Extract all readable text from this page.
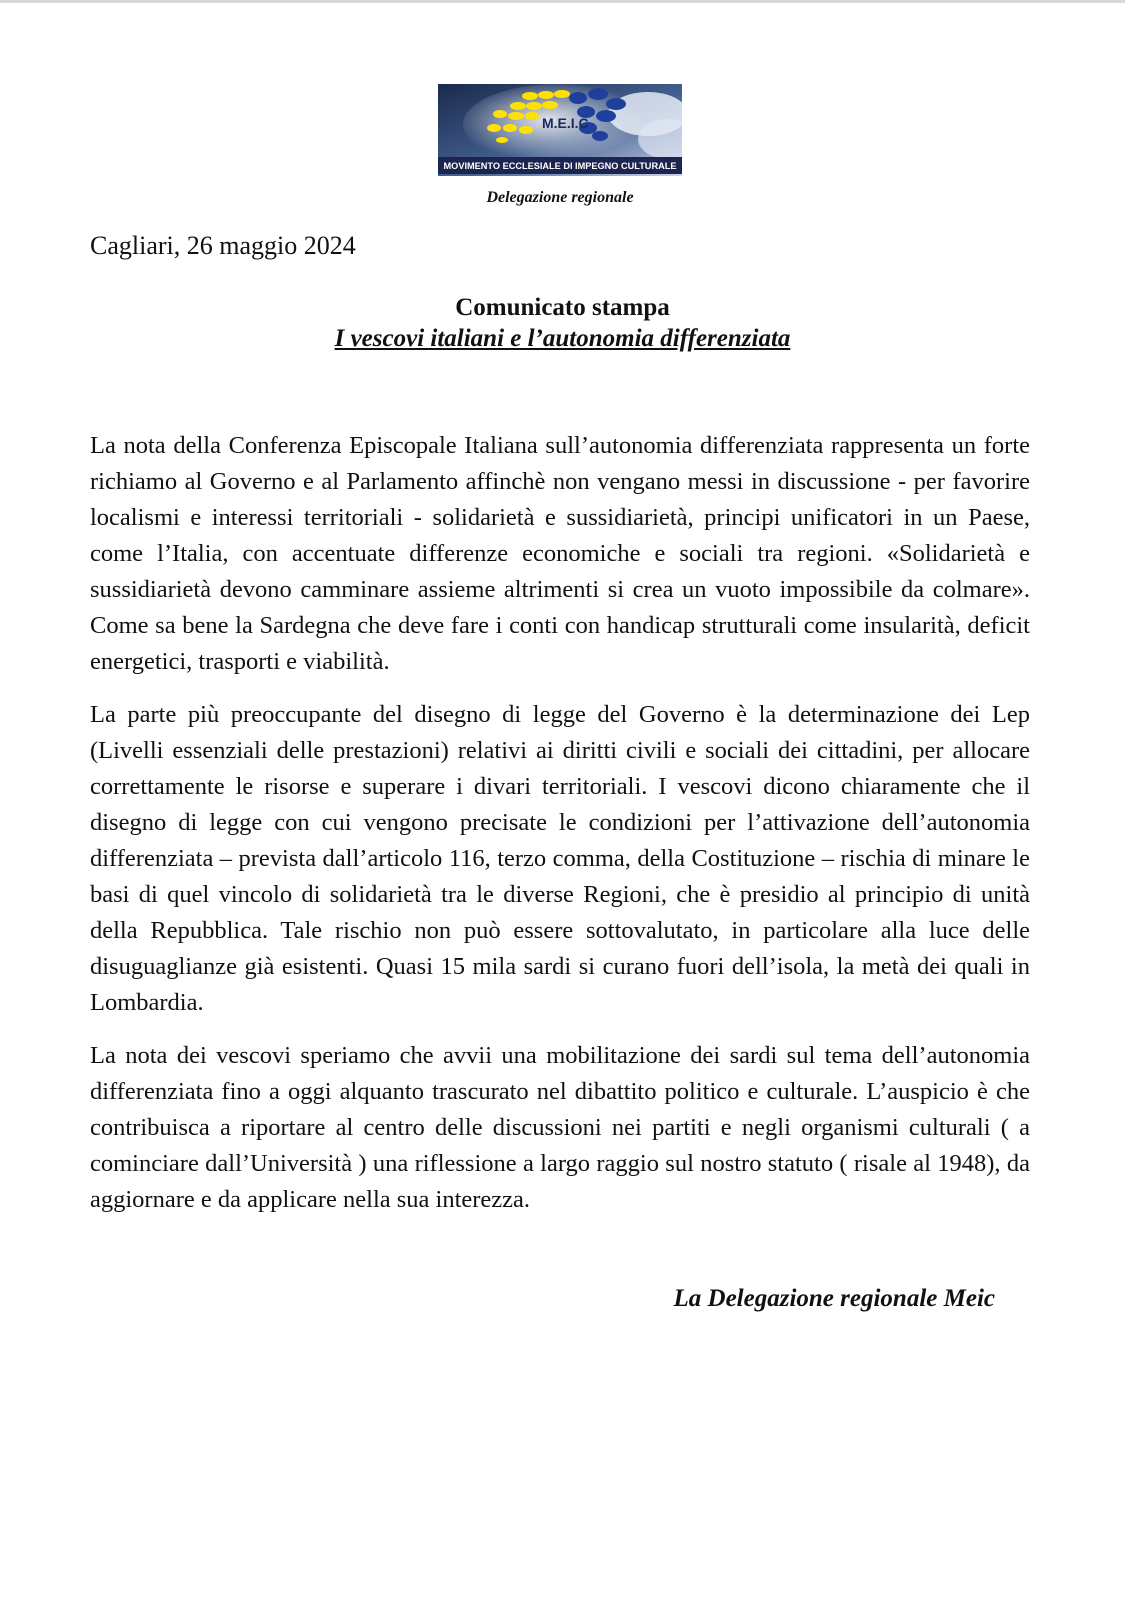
M.E.I.C
MOVIMENTO ECCLESIALE DI IMPEGNO CULTURALE
Delegazione regionale
Cagliari, 26 maggio 2024
Comunicato stampa
I vescovi italiani e l’autonomia differenziata

La nota della Conferenza Episcopale Italiana sull’autonomia differenziata rappresenta un forte richiamo al Governo e al Parlamento affinchè non vengano messi in discussione - per favorire localismi e interessi territoriali - solidarietà e sussidiarietà, principi unificatori in un Paese, come l’Italia, con accentuate differenze economiche e sociali tra regioni. «Solidarietà e sussidiarietà devono camminare assieme altrimenti si crea un vuoto impossibile da colmare». Come sa bene la Sardegna che deve fare i conti con handicap strutturali come insularità, deficit energetici, trasporti e viabilità.

La parte più preoccupante del disegno di legge del Governo è la determinazione dei Lep (Livelli essenziali delle prestazioni) relativi ai diritti civili e sociali dei cittadini, per allocare correttamente le risorse e superare i divari territoriali. I vescovi dicono chiaramente che il disegno di legge con cui vengono precisate le condizioni per l’attivazione dell’autonomia differenziata – prevista dall’articolo 116, terzo comma, della Costituzione – rischia di minare le basi di quel vincolo di solidarietà tra le diverse Regioni, che è presidio al principio di unità della Repubblica. Tale rischio non può essere sottovalutato, in particolare alla luce delle disuguaglianze già esistenti. Quasi 15 mila sardi si curano fuori dell’isola, la metà dei quali in Lombardia.

La nota dei vescovi speriamo che avvii una mobilitazione dei sardi sul tema dell’autonomia differenziata fino a oggi alquanto trascurato nel dibattito politico e culturale. L’auspicio è che contribuisca a riportare al centro delle discussioni nei partiti e negli organismi culturali ( a cominciare dall’Università ) una riflessione a largo raggio sul nostro statuto ( risale al 1948), da aggiornare e da applicare nella sua interezza.

La Delegazione regionale Meic
